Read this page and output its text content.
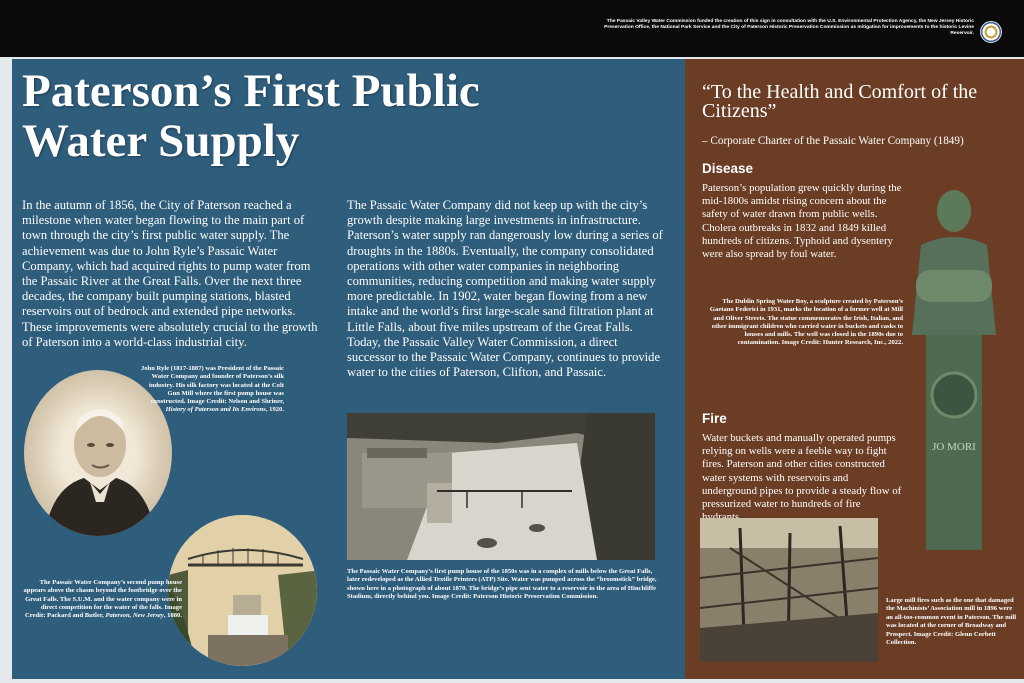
The Passaic Valley Water Commission funded the creation of this sign in consultation with the U.S. Environmental Protection Agency, the New Jersey Historic Preservation Office, the National Park Service and the City of Paterson Historic Preservation Commission as mitigation for improvements to the historic Levine Reservoir.
Paterson’s First Public Water Supply

In the autumn of 1856, the City of Paterson reached a milestone when water began flowing to the main part of town through the city’s first public water supply. The achievement was due to John Ryle’s Passaic Water Company, which had acquired rights to pump water from the Passaic River at the Great Falls. Over the next three decades, the company built pumping stations, blasted reservoirs out of bedrock and extended pipe networks. These improvements were absolutely crucial to the growth of Paterson into a world-class industrial city.

The Passaic Water Company did not keep up with the city’s growth despite making large investments in infrastructure. Paterson’s water supply ran dangerously low during a series of droughts in the 1880s. Eventually, the company consolidated operations with other water companies in neighboring communities, reducing competition and making water supply more predictable. In 1902, water began flowing from a new intake and the world’s first large-scale sand filtration plant at Little Falls, about five miles upstream of the Great Falls. Today, the Passaic Valley Water Commission, a direct successor to the Passaic Water Company, continues to provide water to the cities of Paterson, Clifton, and Passaic.

John Ryle (1817-1887) was President of the Passaic Water Company and founder of Paterson’s silk industry. His silk factory was located at the Colt Gun Mill where the first pump house was constructed. Image Credit: Nelson and Shriner, History of Paterson and Its Environs, 1920.
The Passaic Water Company’s second pump house appears above the chasm beyond the footbridge over the Great Falls. The S.U.M. and the water company were in direct competition for the water of the falls. Image Credit: Packard and Butler, Paterson, New Jersey, 1880.
The Passaic Water Company’s first pump house of the 1850s was in a complex of mills below the Great Falls, later redeveloped as the Allied Textile Printers (ATP) Site. Water was pumped across the “broomstick” bridge, shown here in a photograph of about 1870. The bridge’s pipe sent water to a reservoir in the area of Hinchliffe Stadium, directly behind you. Image Credit: Paterson Historic Preservation Commission.
“To the Health and Comfort of the Citizens”
– Corporate Charter of the Passaic Water Company (1849)
Disease

Paterson’s population grew quickly during the mid-1800s amidst rising concern about the safety of water drawn from public wells. Cholera outbreaks in 1832 and 1849 killed hundreds of citizens. Typhoid and dysentery were also spread by foul water.

The Dublin Spring Water Boy, a sculpture created by Paterson’s Gaetano Federici in 1931, marks the location of a former well at Mill and Oliver Streets. The statue commemorates the Irish, Italian, and other immigrant children who carried water in buckets and casks to houses and mills. The well was closed in the 1890s due to contamination. Image Credit: Hunter Research, Inc., 2022.
JO MORI
Fire

Water buckets and manually operated pumps relying on wells were a feeble way to fight fires. Paterson and other cities constructed water systems with reservoirs and underground pipes to provide a steady flow of pressurized water to hundreds of fire

Large mill fires such as the one that damaged the Machinists’ Association mill in 1896 were an all-too-common event in Paterson. The mill was located at the corner of Broadway and Prospect. Image Credit: Glenn Corbett Collection.
